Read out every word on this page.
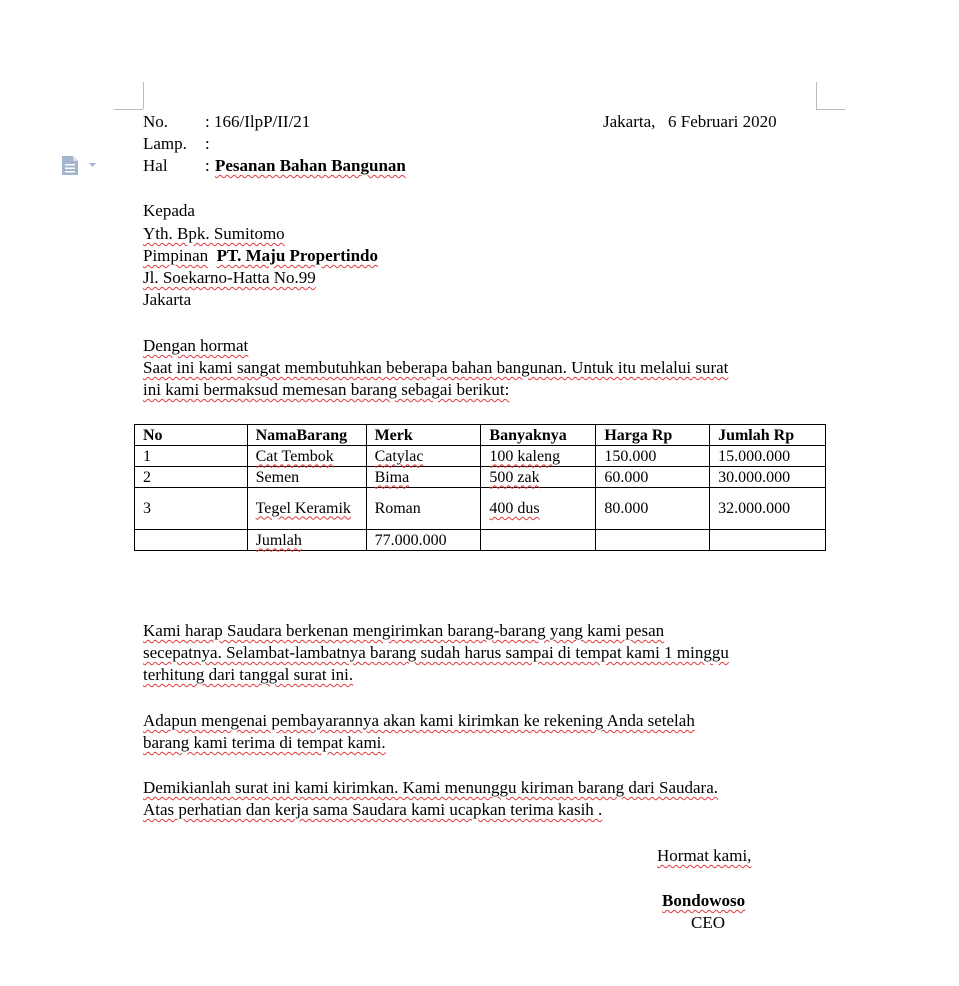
No. : 166/IlpP/II/21	Jakarta, 6 Februari 2020
Lamp. :
Hal : Pesanan Bahan Bangunan
Kepada
Yth. Bpk. Sumitomo
Pimpinan PT. Maju Propertindo
Jl. Soekarno-Hatta No.99
Jakarta
Dengan hormat
Saat ini kami sangat membutuhkan beberapa bahan bangunan. Untuk itu melalui surat
ini kami bermaksud memesan barang sebagai berikut:
No	NamaBarang	Merk	Banyaknya	Harga Rp	Jumlah Rp
1	Cat Tembok	Catylac	100 kaleng	150.000	15.000.000
2	Semen	Bima	500 zak	60.000	30.000.000
3	Tegel Keramik	Roman	400 dus	80.000	32.000.000
	Jumlah	77.000.000			
Kami harap Saudara berkenan mengirimkan barang-barang yang kami pesan
secepatnya. Selambat-lambatnya barang sudah harus sampai di tempat kami 1 minggu
terhitung dari tanggal surat ini.
Adapun mengenai pembayarannya akan kami kirimkan ke rekening Anda setelah
barang kami terima di tempat kami.
Demikianlah surat ini kami kirimkan. Kami menunggu kiriman barang dari Saudara.
Atas perhatian dan kerja sama Saudara kami ucapkan terima kasih .
Hormat kami,
Bondowoso
CEO
